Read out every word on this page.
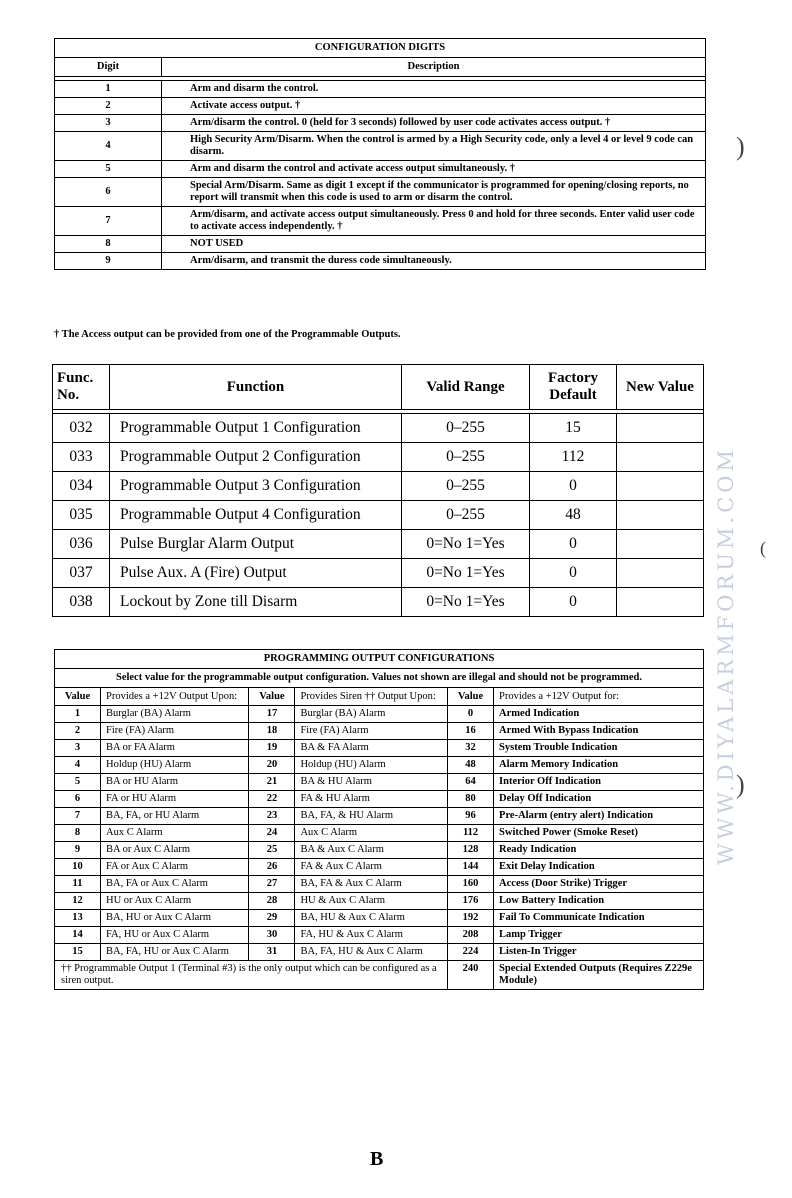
CONFIGURATION DIGITS	
Digit	Description

1	Arm and disarm the control.
2	Activate access output. †
3	Arm/disarm the control. 0 (held for 3 seconds) followed by user code activates access output. †
4	High Security Arm/Disarm. When the control is armed by a High Security code, only a level 4 or level 9 code can disarm.
5	Arm and disarm the control and activate access output simultaneously. †
6	Special Arm/Disarm. Same as digit 1 except if the communicator is programmed for opening/closing reports, no report will transmit when this code is used to arm or disarm the control.
7	Arm/disarm, and activate access output simultaneously. Press 0 and hold for three seconds. Enter valid user code to activate access independently. †
8	NOT USED
9	Arm/disarm, and transmit the duress code simultaneously.
† The Access output can be provided from one of the Programmable Outputs.
Func. No.	Function	Valid Range	Factory Default	New Value

032	Programmable Output 1 Configuration	0–255	15	
033	Programmable Output 2 Configuration	0–255	112	
034	Programmable Output 3 Configuration	0–255	0	
035	Programmable Output 4 Configuration	0–255	48	
036	Pulse Burglar Alarm Output	0=No 1=Yes	0	
037	Pulse Aux. A (Fire) Output	0=No 1=Yes	0	
038	Lockout by Zone till Disarm	0=No 1=Yes	0	
PROGRAMMING OUTPUT CONFIGURATIONS					
Select value for the programmable output configuration. Values not shown are illegal and should not be programmed.					
Value	Provides a +12V Output Upon:	Value	Provides Siren †† Output Upon:	Value	Provides a +12V Output for:
1	Burglar (BA) Alarm	17	Burglar (BA) Alarm	0	Armed Indication
2	Fire (FA) Alarm	18	Fire (FA) Alarm	16	Armed With Bypass Indication
3	BA or FA Alarm	19	BA & FA Alarm	32	System Trouble Indication
4	Holdup (HU) Alarm	20	Holdup (HU) Alarm	48	Alarm Memory Indication
5	BA or HU Alarm	21	BA & HU Alarm	64	Interior Off Indication
6	FA or HU Alarm	22	FA & HU Alarm	80	Delay Off Indication
7	BA, FA, or HU Alarm	23	BA, FA, & HU Alarm	96	Pre-Alarm (entry alert) Indication
8	Aux C Alarm	24	Aux C Alarm	112	Switched Power (Smoke Reset)
9	BA or Aux C Alarm	25	BA & Aux C Alarm	128	Ready Indication
10	FA or Aux C Alarm	26	FA & Aux C Alarm	144	Exit Delay Indication
11	BA, FA or Aux C Alarm	27	BA, FA & Aux C Alarm	160	Access (Door Strike) Trigger
12	HU or Aux C Alarm	28	HU & Aux C Alarm	176	Low Battery Indication
13	BA, HU or Aux C Alarm	29	BA, HU & Aux C Alarm	192	Fail To Communicate Indication
14	FA, HU or Aux C Alarm	30	FA, HU & Aux C Alarm	208	Lamp Trigger
15	BA, FA, HU or Aux C Alarm	31	BA, FA, HU & Aux C Alarm	224	Listen-In Trigger
†† Programmable Output 1 (Terminal #3) is the only output which can be configured as a siren output.				240	Special Extended Outputs (Requires Z229e Module)
B
WWW.DIYALARMFORUM.COM
)
)
(
